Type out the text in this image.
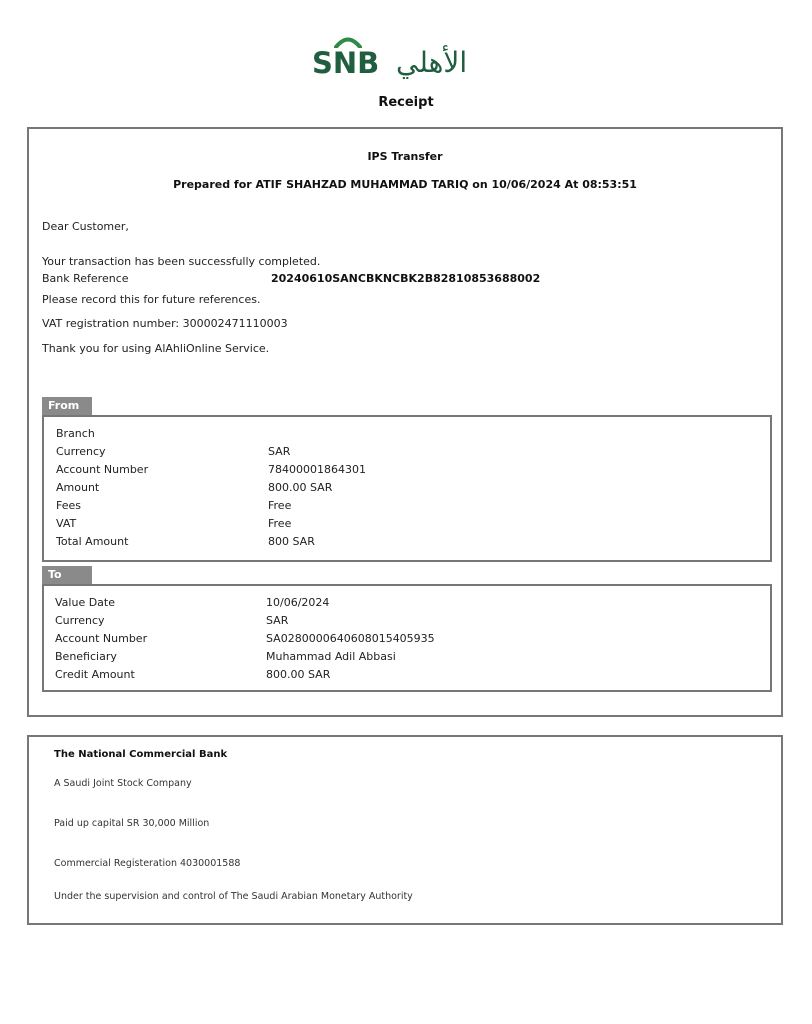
SNB الأهلي
Receipt
IPS Transfer
Prepared for ATIF SHAHZAD MUHAMMAD TARIQ on 10/06/2024 At 08:53:51
Dear Customer,
Your transaction has been successfully completed.
Bank Reference	20240610SANCBKNCBK2B82810853688002
Please record this for future references.
VAT registration number: 300002471110003
Thank you for using AlAhliOnline Service.
From
Branch
Currency	SAR
Account Number	78400001864301
Amount	800.00 SAR
Fees	Free
VAT	Free
Total Amount	800 SAR
To
Value Date	10/06/2024
Currency	SAR
Account Number	SA0280000640608015405935
Beneficiary	Muhammad Adil Abbasi
Credit Amount	800.00 SAR
The National Commercial Bank
A Saudi Joint Stock Company
Paid up capital SR 30,000 Million
Commercial Registeration 4030001588
Under the supervision and control of The Saudi Arabian Monetary Authority
